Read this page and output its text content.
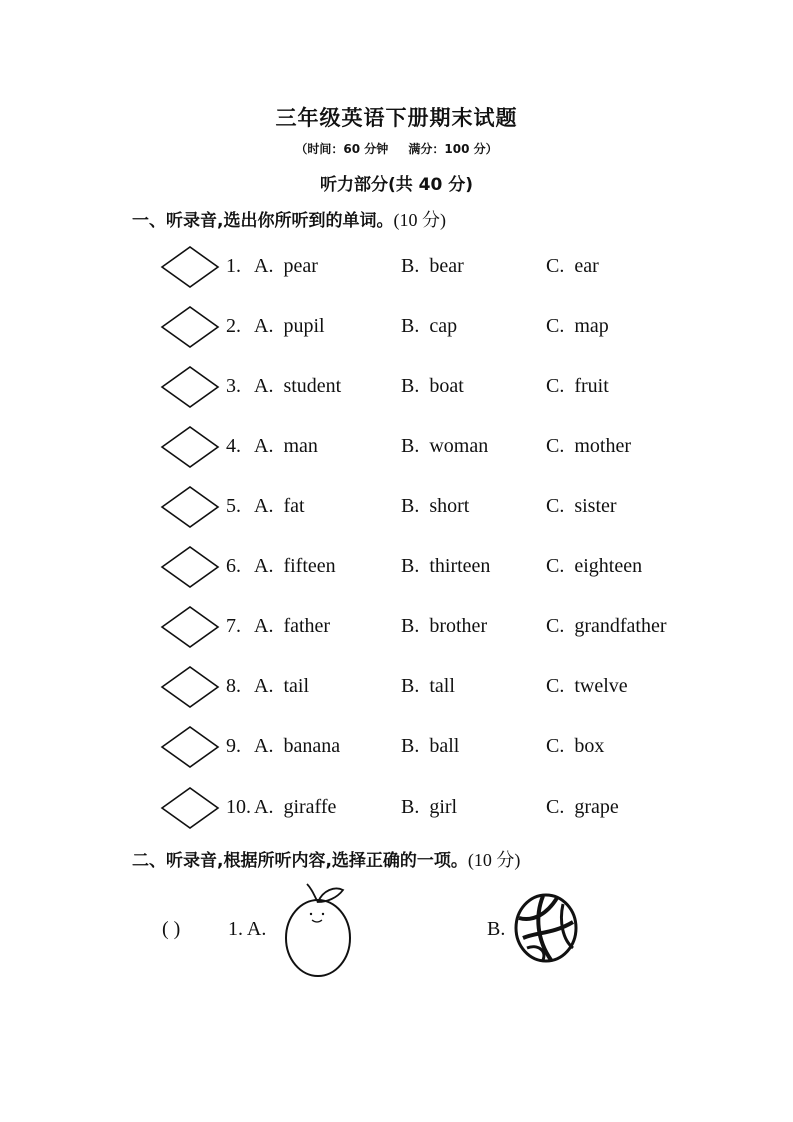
三年级英语下册期末试题
（时间：60 分钟 满分：100 分）
听力部分(共 40 分)
一、听录音,选出你所听到的单词。(10 分)
1. A. pear	B. bear	C. ear
2. A. pupil	B. cap	C. map
3. A. student	B. boat	C. fruit
4. A. man	B. woman	C. mother
5. A. fat	B. short	C. sister
6. A. fifteen	B. thirteen	C. eighteen
7. A. father	B. brother	C. grandfather
8. A. tail	B. tall	C. twelve
9. A. banana	B. ball	C. box
10. A. giraffe	B. girl	C. grape
二、听录音,根据所听内容,选择正确的一项。(10 分)
( ) 1. A.	B.
